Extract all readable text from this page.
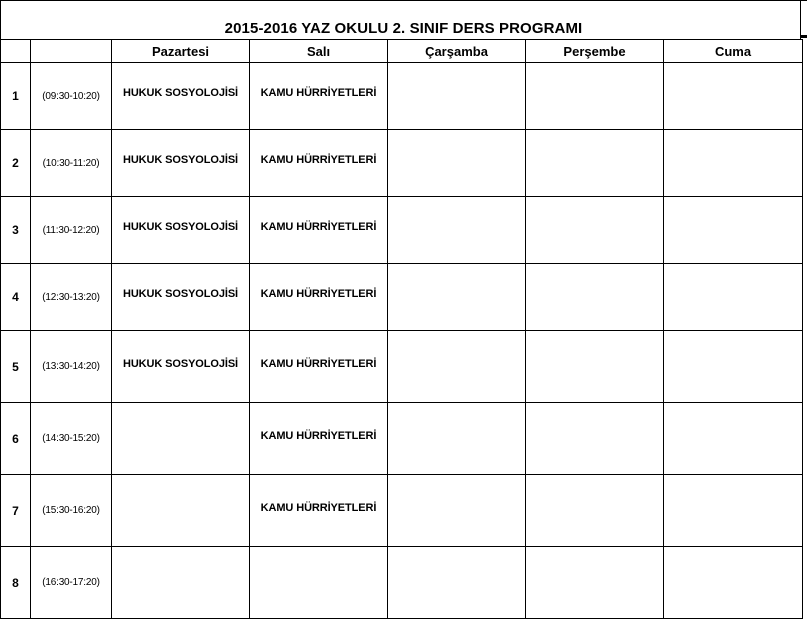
2015-2016 YAZ OKULU 2. SINIF DERS PROGRAMI
		Pazartesi	Salı	Çarşamba	Perşembe	Cuma
1	(09:30-10:20)	HUKUK SOSYOLOJİSİ	KAMU HÜRRİYETLERİ			
2	(10:30-11:20)	HUKUK SOSYOLOJİSİ	KAMU HÜRRİYETLERİ			
3	(11:30-12:20)	HUKUK SOSYOLOJİSİ	KAMU HÜRRİYETLERİ			
4	(12:30-13:20)	HUKUK SOSYOLOJİSİ	KAMU HÜRRİYETLERİ			
5	(13:30-14:20)	HUKUK SOSYOLOJİSİ	KAMU HÜRRİYETLERİ			
6	(14:30-15:20)		KAMU HÜRRİYETLERİ			
7	(15:30-16:20)		KAMU HÜRRİYETLERİ			
8	(16:30-17:20)					
